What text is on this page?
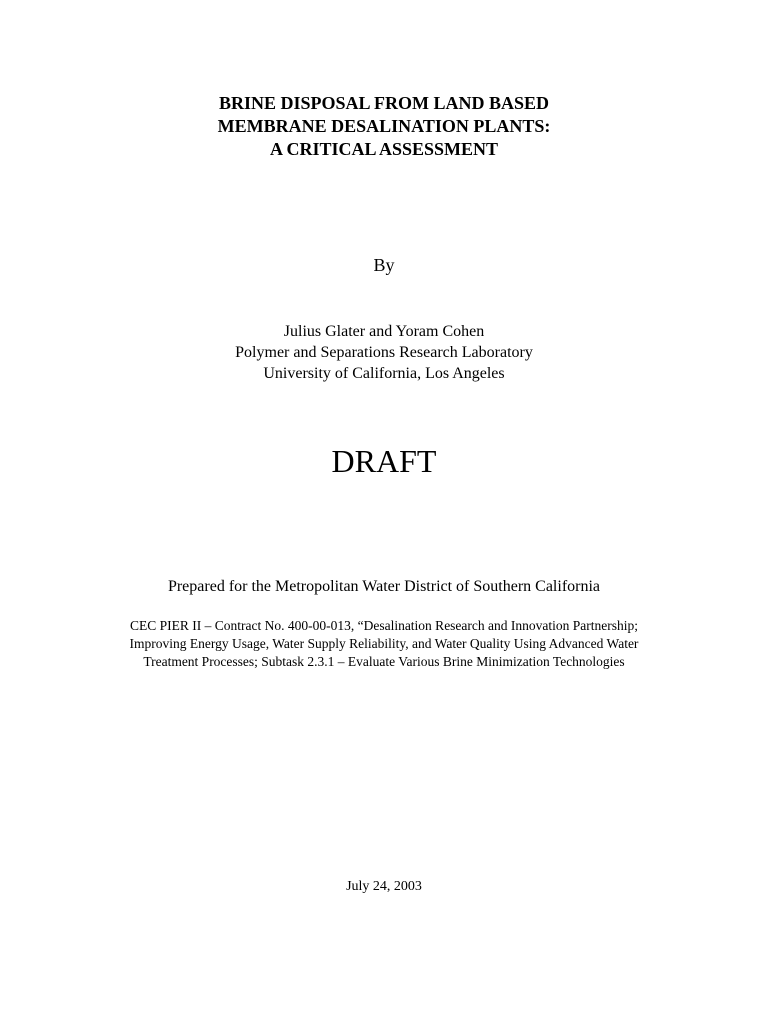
BRINE DISPOSAL FROM LAND BASED
MEMBRANE DESALINATION PLANTS:
A CRITICAL ASSESSMENT
By
Julius Glater and Yoram Cohen
Polymer and Separations Research Laboratory
University of California, Los Angeles
DRAFT
Prepared for the Metropolitan Water District of Southern California
CEC PIER II – Contract No. 400-00-013, “Desalination Research and Innovation Partnership;
Improving Energy Usage, Water Supply Reliability, and Water Quality Using Advanced Water
Treatment Processes; Subtask 2.3.1 – Evaluate Various Brine Minimization Technologies
July 24, 2003
